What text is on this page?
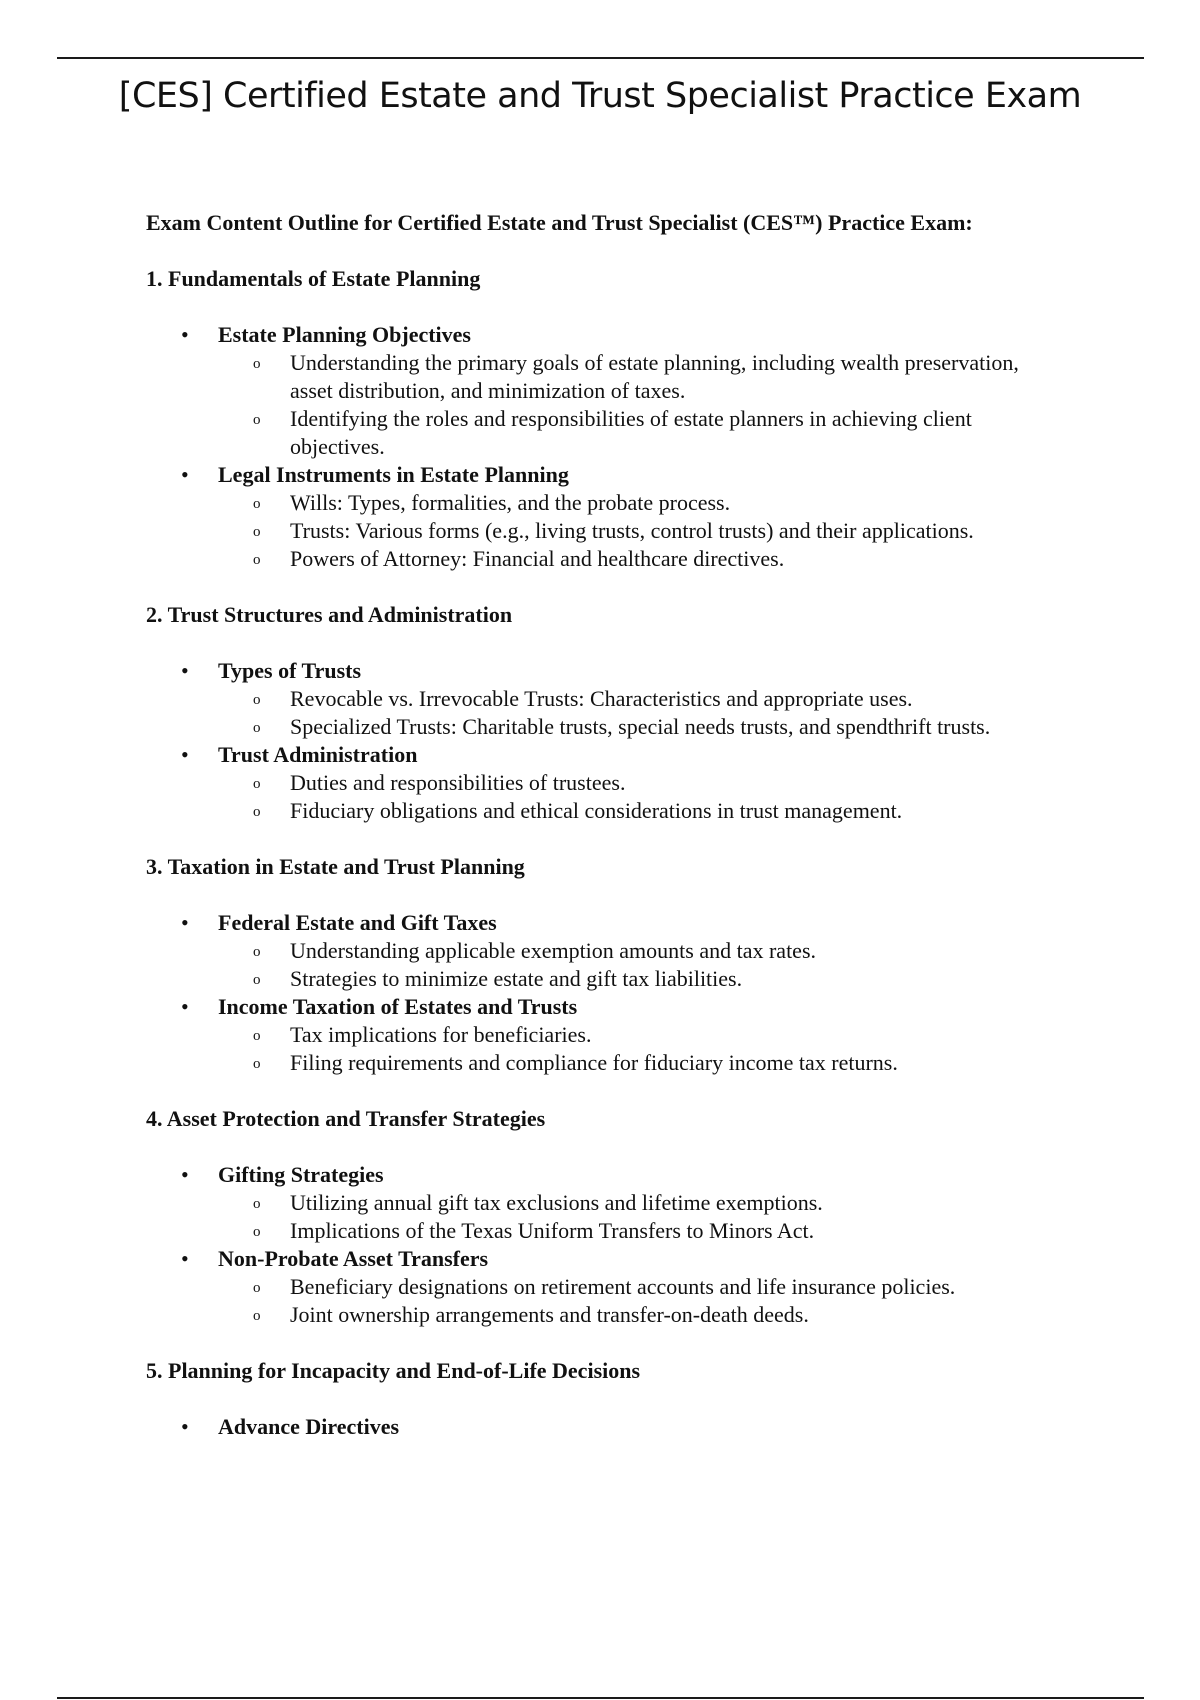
[CES] Certified Estate and Trust Specialist Practice Exam

Exam Content Outline for Certified Estate and Trust Specialist (CES™) Practice Exam:

1. Fundamentals of Estate Planning

• Estate Planning Objectives
o Understanding the primary goals of estate planning, including wealth preservation, asset distribution, and minimization of taxes.
o Identifying the roles and responsibilities of estate planners in achieving client objectives.
• Legal Instruments in Estate Planning
o Wills: Types, formalities, and the probate process.
o Trusts: Various forms (e.g., living trusts, control trusts) and their applications.
o Powers of Attorney: Financial and healthcare directives.

2. Trust Structures and Administration

• Types of Trusts
o Revocable vs. Irrevocable Trusts: Characteristics and appropriate uses.
o Specialized Trusts: Charitable trusts, special needs trusts, and spendthrift trusts.
• Trust Administration
o Duties and responsibilities of trustees.
o Fiduciary obligations and ethical considerations in trust management.

3. Taxation in Estate and Trust Planning

• Federal Estate and Gift Taxes
o Understanding applicable exemption amounts and tax rates.
o Strategies to minimize estate and gift tax liabilities.
• Income Taxation of Estates and Trusts
o Tax implications for beneficiaries.
o Filing requirements and compliance for fiduciary income tax returns.

4. Asset Protection and Transfer Strategies

• Gifting Strategies
o Utilizing annual gift tax exclusions and lifetime exemptions.
o Implications of the Texas Uniform Transfers to Minors Act.
• Non-Probate Asset Transfers
o Beneficiary designations on retirement accounts and life insurance policies.
o Joint ownership arrangements and transfer-on-death deeds.

5. Planning for Incapacity and End-of-Life Decisions

• Advance Directives
